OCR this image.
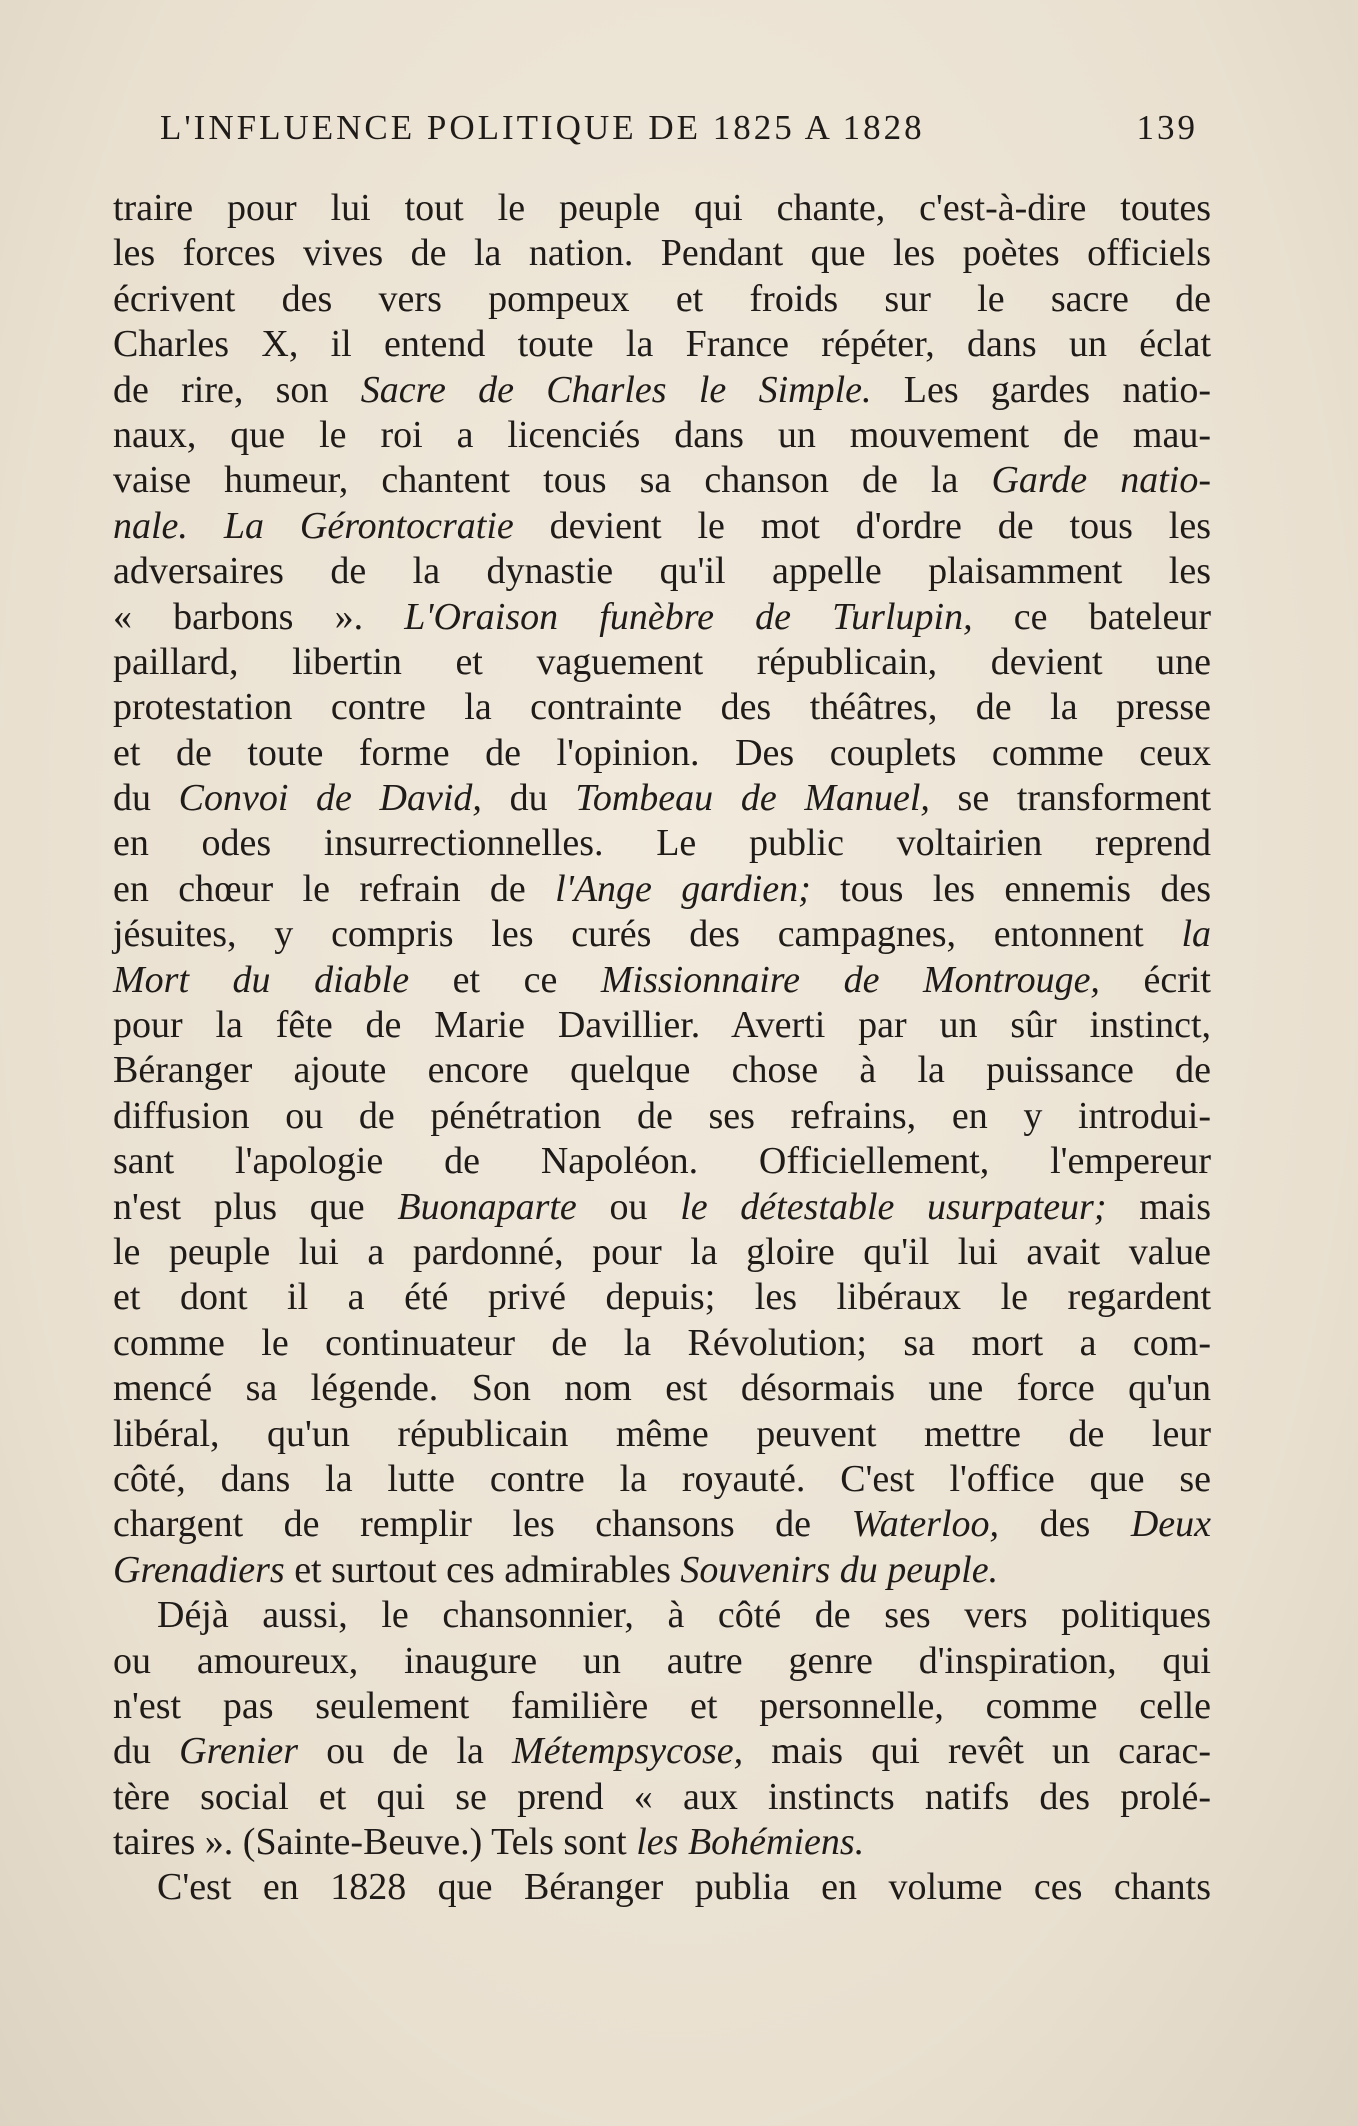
L'INFLUENCE POLITIQUE DE 1825 A 1828	139
traire pour lui tout le peuple qui chante, c'est-à-dire toutes
les forces vives de la nation. Pendant que les poètes officiels
écrivent des vers pompeux et froids sur le sacre de
Charles X, il entend toute la France répéter, dans un éclat
de rire, son Sacre de Charles le Simple. Les gardes natio-
naux, que le roi a licenciés dans un mouvement de mau-
vaise humeur, chantent tous sa chanson de la Garde natio-
nale. La Gérontocratie devient le mot d'ordre de tous les
adversaires de la dynastie qu'il appelle plaisamment les
« barbons ». L'Oraison funèbre de Turlupin, ce bateleur
paillard, libertin et vaguement républicain, devient une
protestation contre la contrainte des théâtres, de la presse
et de toute forme de l'opinion. Des couplets comme ceux
du Convoi de David, du Tombeau de Manuel, se transforment
en odes insurrectionnelles. Le public voltairien reprend
en chœur le refrain de l'Ange gardien; tous les ennemis des
jésuites, y compris les curés des campagnes, entonnent la
Mort du diable et ce Missionnaire de Montrouge, écrit
pour la fête de Marie Davillier. Averti par un sûr instinct,
Béranger ajoute encore quelque chose à la puissance de
diffusion ou de pénétration de ses refrains, en y introdui-
sant l'apologie de Napoléon. Officiellement, l'empereur
n'est plus que Buonaparte ou le détestable usurpateur; mais
le peuple lui a pardonné, pour la gloire qu'il lui avait value
et dont il a été privé depuis; les libéraux le regardent
comme le continuateur de la Révolution; sa mort a com-
mencé sa légende. Son nom est désormais une force qu'un
libéral, qu'un républicain même peuvent mettre de leur
côté, dans la lutte contre la royauté. C'est l'office que se
chargent de remplir les chansons de Waterloo, des Deux
Grenadiers et surtout ces admirables Souvenirs du peuple.
Déjà aussi, le chansonnier, à côté de ses vers politiques
ou amoureux, inaugure un autre genre d'inspiration, qui
n'est pas seulement familière et personnelle, comme celle
du Grenier ou de la Métempsycose, mais qui revêt un carac-
tère social et qui se prend « aux instincts natifs des prolé-
taires ». (Sainte-Beuve.) Tels sont les Bohémiens.
C'est en 1828 que Béranger publia en volume ces chants
